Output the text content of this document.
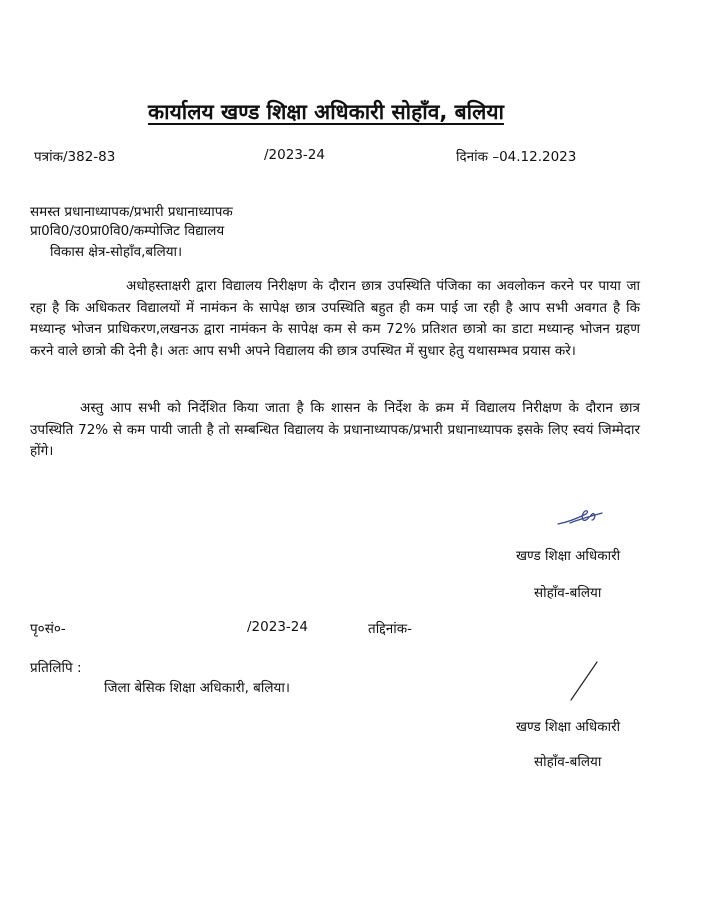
कार्यालय खण्ड शिक्षा अधिकारी सोहाँव, बलिया
पत्रांक/382-83	/2023-24	दिनांक –04.12.2023
समस्त प्रधानाध्यापक/प्रभारी प्रधानाध्यापक
प्रा0वि0/उ0प्रा0वि0/कम्पोजिट विद्यालय
विकास क्षेत्र-सोहाँव,बलिया।
अधोहस्ताक्षरी द्वारा विद्यालय निरीक्षण के दौरान छात्र उपस्थिति पंजिका का अवलोकन करने पर पाया जा रहा है कि अधिकतर विद्यालयों में नामंकन के सापेक्ष छात्र उपस्थिति बहुत ही कम पाई जा रही है आप सभी अवगत है कि मध्यान्ह भोजन प्राधिकरण,लखनऊ द्वारा नामंकन के सापेक्ष कम से कम 72% प्रतिशत छात्रो का डाटा मध्यान्ह भोजन ग्रहण करने वाले छात्रो की देनी है। अतः आप सभी अपने विद्यालय की छात्र उपस्थित में सुधार हेतु यथासम्भव प्रयास करे।
अस्तु आप सभी को निर्देशित किया जाता है कि शासन के निर्देश के क्रम में विद्यालय निरीक्षण के दौरान छात्र उपस्थिति 72% से कम पायी जाती है तो सम्बन्धित विद्यालय के प्रधानाध्यापक/प्रभारी प्रधानाध्यापक इसके लिए स्वयं जिम्मेदार होंगे।
खण्ड शिक्षा अधिकारी
सोहाँव-बलिया
पृ०सं०-	/2023-24	तद्दिनांक-
प्रतिलिपि :
जिला बेसिक शिक्षा अधिकारी, बलिया।
खण्ड शिक्षा अधिकारी
सोहाँव-बलिया
